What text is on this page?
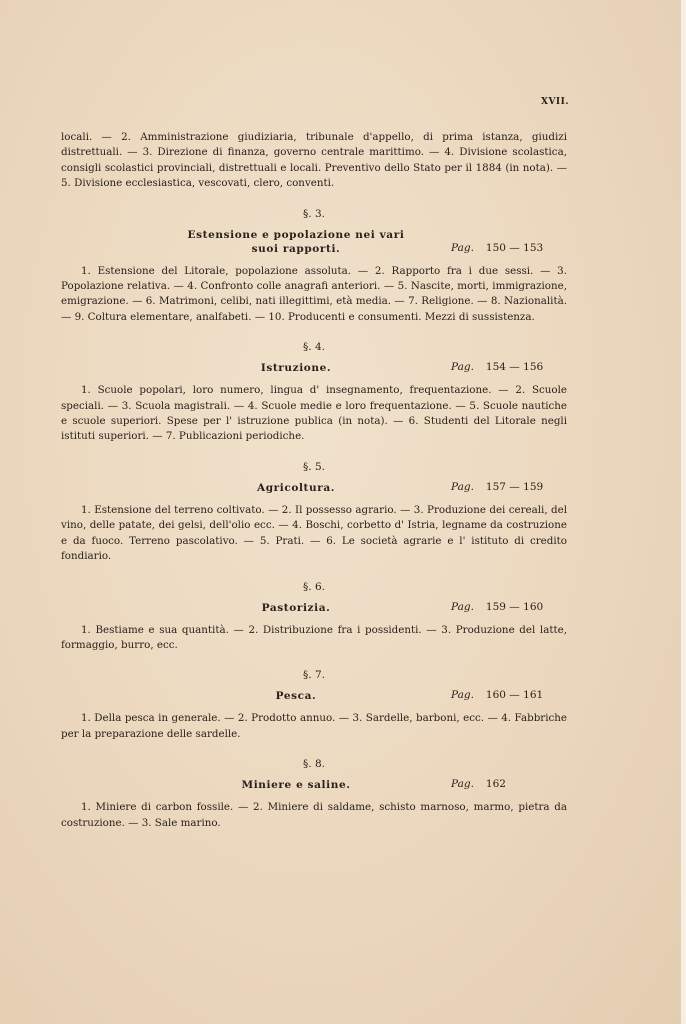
XVII.

locali. — 2. Amministrazione giudiziaria, tribunale d'appello, di prima istanza, giudizi distrettuali. — 3. Direzione di finanza, governo centrale marittimo. — 4. Divisione scolastica, consigli scolastici provinciali, distrettuali e locali. Preventivo dello Stato per il 1884 (in nota). — 5. Divisione ecclesiastica, vescovati, clero, conventi.

§. 3.
Estensione e popolazione nei vari
suoi rapporti.	Pag. 150 — 153

1. Estensione del Litorale, popolazione assoluta. — 2. Rapporto fra i due sessi. — 3. Popolazione relativa. — 4. Confronto colle anagrafi anteriori. — 5. Nascite, morti, immigrazione, emigrazione. — 6. Matrimoni, celibi, nati illegittimi, età media. — 7. Religione. — 8. Nazionalità. — 9. Coltura elementare, analfabeti. — 10. Producenti e consumenti. Mezzi di sussistenza.

§. 4.
Istruzione.	Pag. 154 — 156

1. Scuole popolari, loro numero, lingua d' insegnamento, frequentazione. — 2. Scuole speciali. — 3. Scuola magistrali. — 4. Scuole medie e loro frequentazione. — 5. Scuole nautiche e scuole superiori. Spese per l' istruzione publica (in nota). — 6. Studenti del Litorale negli istituti superiori. — 7. Publicazioni periodiche.

§. 5.
Agricoltura.	Pag. 157 — 159

1. Estensione del terreno coltivato. — 2. Il possesso agrario. — 3. Produzione dei cereali, del vino, delle patate, dei gelsi, dell'olio ecc. — 4. Boschi, corbetto d' Istria, legname da costruzione e da fuoco. Terreno pascolativo. — 5. Prati. — 6. Le società agrarie e l' istituto di credito fondiario.

§. 6.
Pastorizia.	Pag. 159 — 160

1. Bestiame e sua quantità. — 2. Distribuzione fra i possidenti. — 3. Produzione del latte, formaggio, burro, ecc.

§. 7.
Pesca.	Pag. 160 — 161

1. Della pesca in generale. — 2. Prodotto annuo. — 3. Sardelle, barboni, ecc. — 4. Fabbriche per la preparazione delle sardelle.

§. 8.
Miniere e saline.	Pag. 162

1. Miniere di carbon fossile. — 2. Miniere di saldame, schisto marnoso, marmo, pietra da costruzione. — 3. Sale marino.
